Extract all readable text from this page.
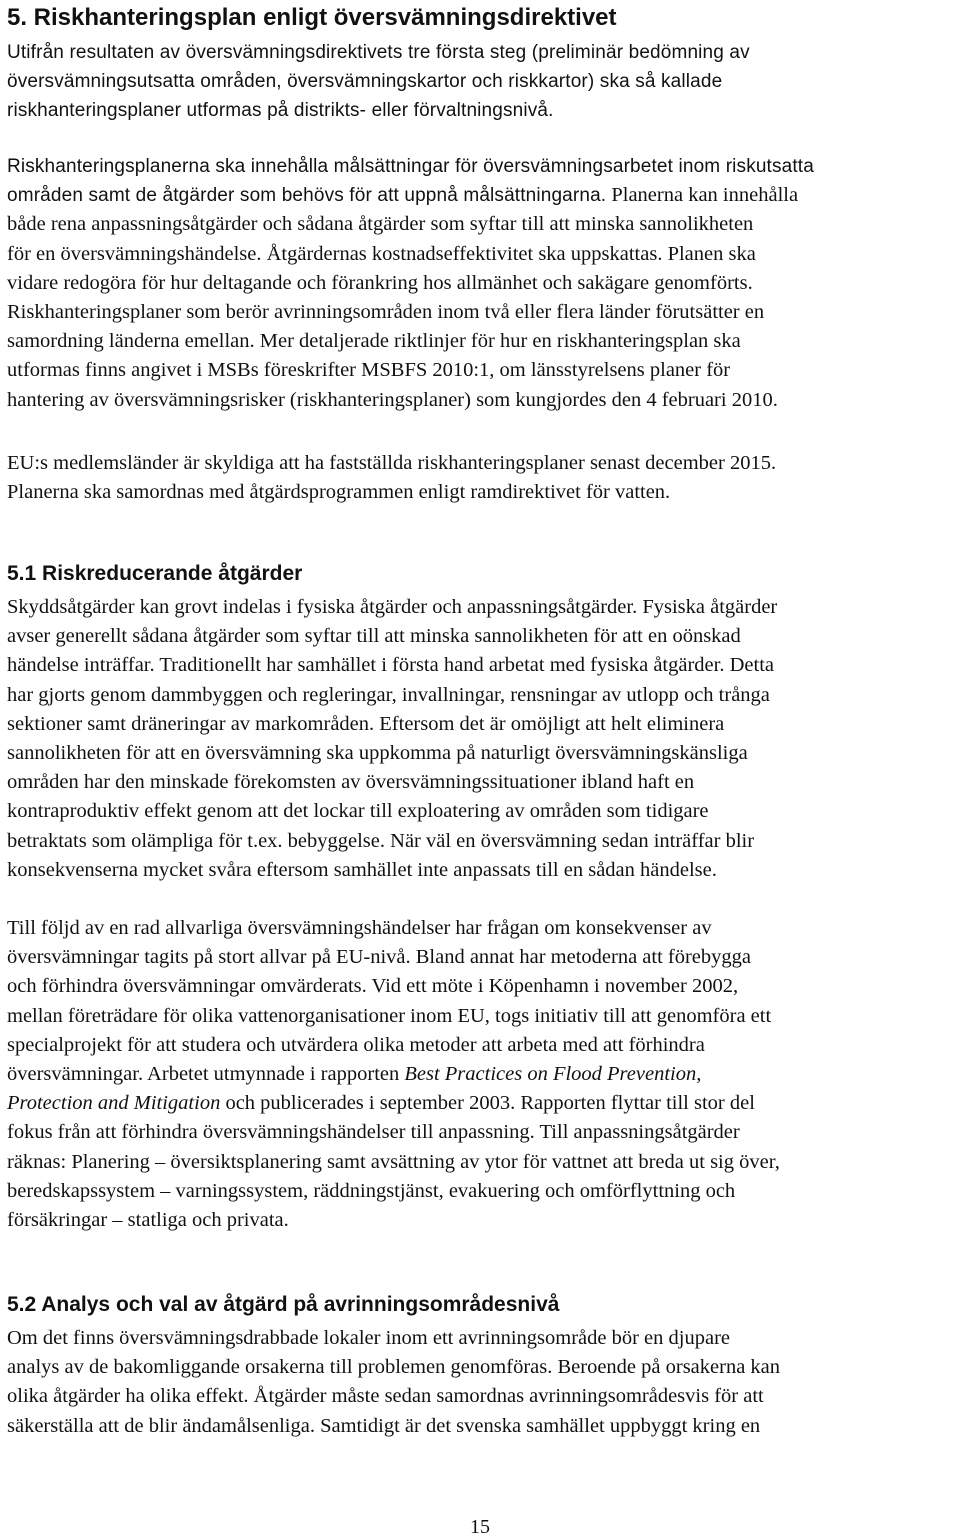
5. Riskhanteringsplan enligt översvämningsdirektivet
Utifrån resultaten av översvämningsdirektivets tre första steg (preliminär bedömning av
översvämningsutsatta områden, översvämningskartor och riskkartor) ska så kallade
riskhanteringsplaner utformas på distrikts- eller förvaltningsnivå.
Riskhanteringsplanerna ska innehålla målsättningar för översvämningsarbetet inom riskutsatta
områden samt de åtgärder som behövs för att uppnå målsättningarna. Planerna kan innehålla
både rena anpassningsåtgärder och sådana åtgärder som syftar till att minska sannolikheten
för en översvämningshändelse. Åtgärdernas kostnadseffektivitet ska uppskattas. Planen ska
vidare redogöra för hur deltagande och förankring hos allmänhet och sakägare genomförts.
Riskhanteringsplaner som berör avrinningsområden inom två eller flera länder förutsätter en
samordning länderna emellan. Mer detaljerade riktlinjer för hur en riskhanteringsplan ska
utformas finns angivet i MSBs föreskrifter MSBFS 2010:1, om länsstyrelsens planer för
hantering av översvämningsrisker (riskhanteringsplaner) som kungjordes den 4 februari 2010.
EU:s medlemsländer är skyldiga att ha fastställda riskhanteringsplaner senast december 2015.
Planerna ska samordnas med åtgärdsprogrammen enligt ramdirektivet för vatten.
5.1 Riskreducerande åtgärder
Skyddsåtgärder kan grovt indelas i fysiska åtgärder och anpassningsåtgärder. Fysiska åtgärder
avser generellt sådana åtgärder som syftar till att minska sannolikheten för att en oönskad
händelse inträffar. Traditionellt har samhället i första hand arbetat med fysiska åtgärder. Detta
har gjorts genom dammbyggen och regleringar, invallningar, rensningar av utlopp och trånga
sektioner samt dräneringar av markområden. Eftersom det är omöjligt att helt eliminera
sannolikheten för att en översvämning ska uppkomma på naturligt översvämningskänsliga
områden har den minskade förekomsten av översvämningssituationer ibland haft en
kontraproduktiv effekt genom att det lockar till exploatering av områden som tidigare
betraktats som olämpliga för t.ex. bebyggelse. När väl en översvämning sedan inträffar blir
konsekvenserna mycket svåra eftersom samhället inte anpassats till en sådan händelse.
Till följd av en rad allvarliga översvämningshändelser har frågan om konsekvenser av
översvämningar tagits på stort allvar på EU-nivå. Bland annat har metoderna att förebygga
och förhindra översvämningar omvärderats. Vid ett möte i Köpenhamn i november 2002,
mellan företrädare för olika vattenorganisationer inom EU, togs initiativ till att genomföra ett
specialprojekt för att studera och utvärdera olika metoder att arbeta med att förhindra
översvämningar. Arbetet utmynnade i rapporten Best Practices on Flood Prevention,
Protection and Mitigation och publicerades i september 2003. Rapporten flyttar till stor del
fokus från att förhindra översvämningshändelser till anpassning. Till anpassningsåtgärder
räknas: Planering – översiktsplanering samt avsättning av ytor för vattnet att breda ut sig över,
beredskapssystem – varningssystem, räddningstjänst, evakuering och omförflyttning och
försäkringar – statliga och privata.
5.2 Analys och val av åtgärd på avrinningsområdesnivå
Om det finns översvämningsdrabbade lokaler inom ett avrinningsområde bör en djupare
analys av de bakomliggande orsakerna till problemen genomföras. Beroende på orsakerna kan
olika åtgärder ha olika effekt. Åtgärder måste sedan samordnas avrinningsområdesvis för att
säkerställa att de blir ändamålsenliga. Samtidigt är det svenska samhället uppbyggt kring en
15
